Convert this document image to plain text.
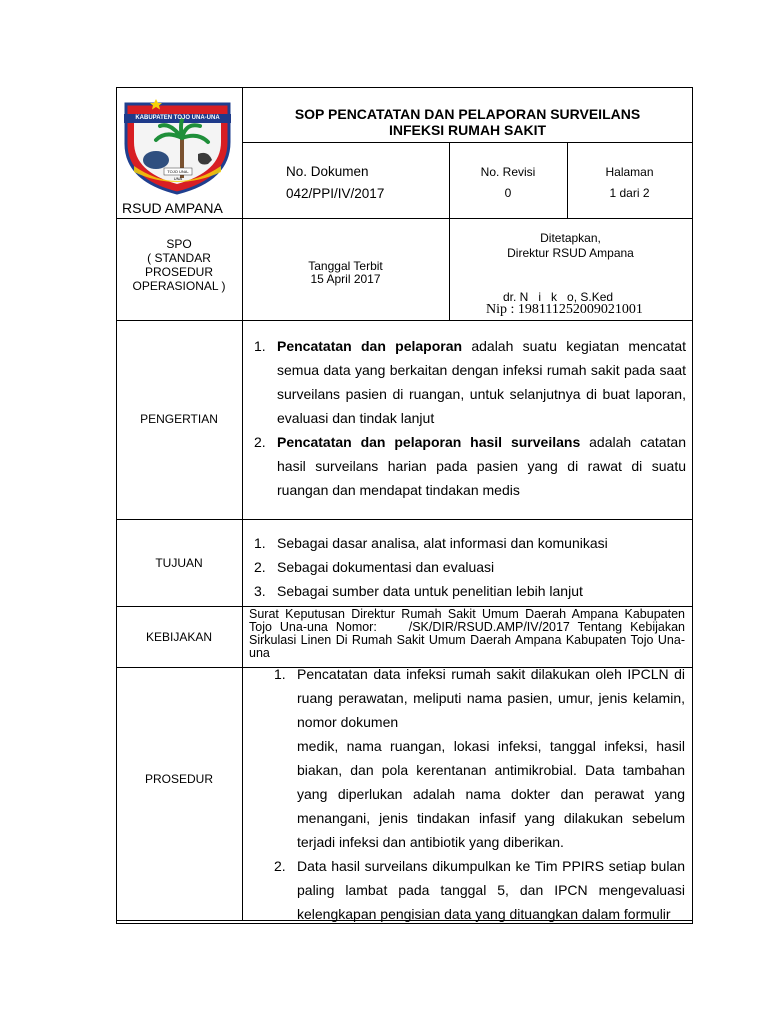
KABUPATEN TOJO UNA-UNA
TOJO UNA-UNA
RSUD AMPANA
SOP PENCATATAN DAN PELAPORAN SURVEILANS
INFEKSI RUMAH SAKIT
No. Dokumen
042/PPI/IV/2017
No. Revisi
0
Halaman
1 dari 2
SPO
( STANDAR
PROSEDUR
OPERASIONAL )
Tanggal Terbit
15 April 2017
Ditetapkan,
Direktur RSUD Ampana
dr. N   i   k   o, S.Ked
Nip : 198111252009021001
PENGERTIAN
1. Pencatatan dan pelaporan adalah suatu kegiatan mencatat semua data yang berkaitan dengan infeksi rumah sakit pada saat surveilans pasien di ruangan, untuk selanjutnya di buat laporan, evaluasi dan tindak lanjut
2. Pencatatan dan pelaporan hasil surveilans adalah catatan hasil surveilans harian pada pasien yang di rawat di suatu ruangan dan mendapat tindakan medis
TUJUAN
1. Sebagai dasar analisa, alat informasi dan komunikasi
2. Sebagai dokumentasi dan evaluasi
3. Sebagai sumber data untuk penelitian lebih lanjut
KEBIJAKAN
Surat Keputusan Direktur Rumah Sakit Umum Daerah Ampana Kabupaten Tojo Una-una Nomor:    /SK/DIR/RSUD.AMP/IV/2017 Tentang Kebijakan Sirkulasi Linen Di Rumah Sakit Umum Daerah Ampana Kabupaten Tojo Una-una
PROSEDUR
1. Pencatatan data infeksi rumah sakit dilakukan oleh IPCLN di ruang perawatan, meliputi nama pasien, umur, jenis kelamin, nomor dokumen
medik, nama ruangan, lokasi infeksi, tanggal infeksi, hasil biakan, dan pola kerentanan antimikrobial. Data tambahan yang diperlukan adalah nama dokter dan perawat yang menangani, jenis tindakan infasif yang dilakukan sebelum terjadi infeksi dan antibiotik yang diberikan.
2. Data hasil surveilans dikumpulkan ke Tim PPIRS setiap bulan paling lambat pada tanggal 5, dan IPCN mengevaluasi kelengkapan pengisian data yang dituangkan dalam formulir
